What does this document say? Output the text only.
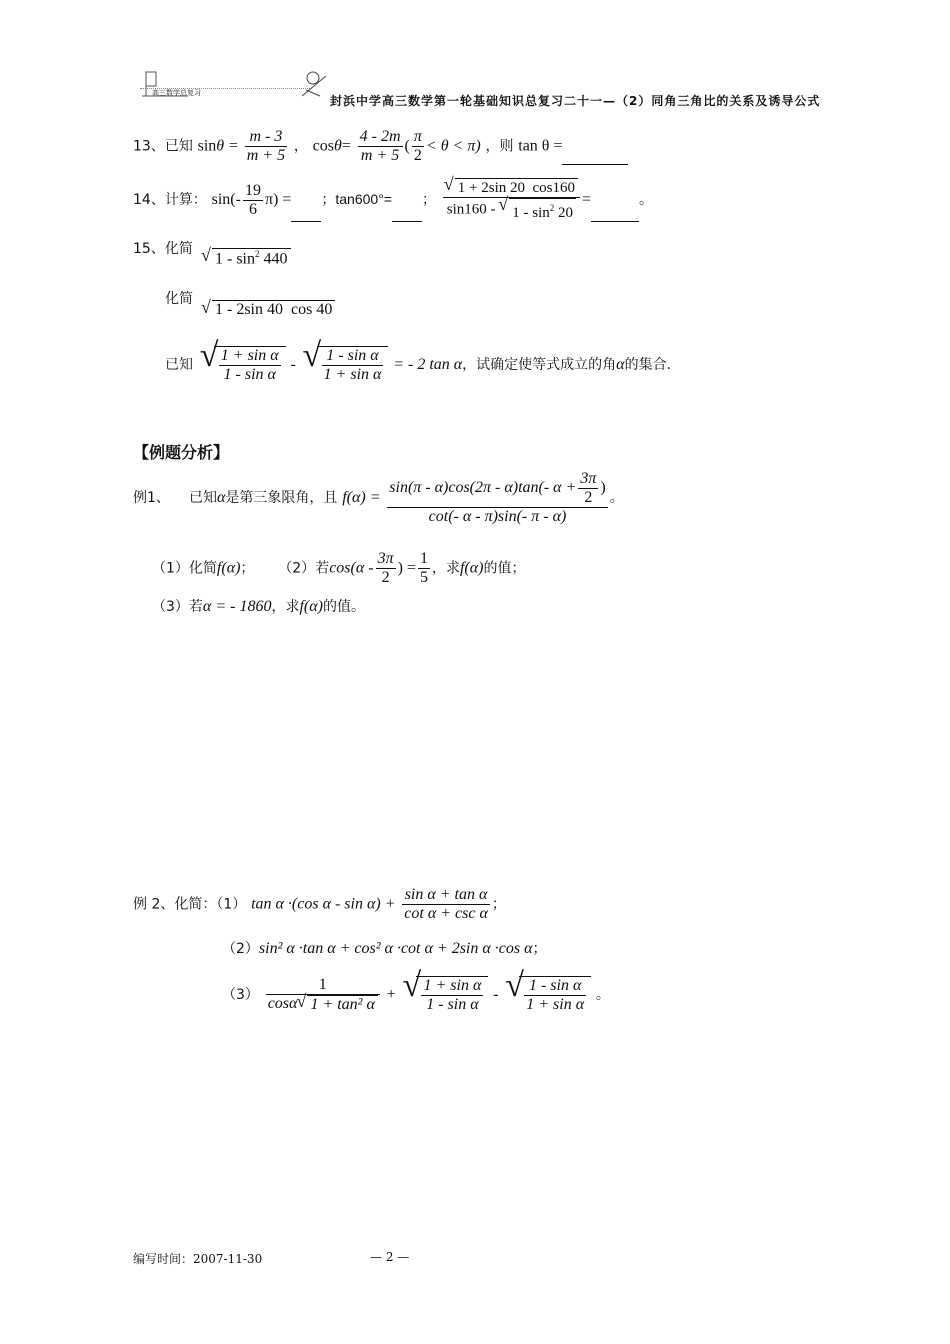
高三数学总复习
封浜中学高三数学第一轮基础知识总复习二十一—（2）同角三角比的关系及诱导公式
13、已知 $\sin\theta = \frac{m - 3}{m + 5}$ ， $\cos\theta= \frac{4 - 2m}{m + 5}$ ( $\frac{\pi}{2} < \theta < \pi$) ，则 tan θ =
14、计算： $\sin(- \frac{19}{6} \pi)$ = ；tan600°= ； √ $\frac{1 + 2\sin 20 \cos 160}{\sin 160 - √ 1 - \sin^2 20}$ =	。
15、化简
√ $1 - \sin^2 440$
化简
√ 1 - 2sin 40 cos 40
已知 √ $\frac{\text{1 + sin α}}{\text{1 - sin α}}$ - √ $\frac{\text{1 - sin α}}{\text{1 + sin α}}$ = - 2 tan α，试确定使等式成立的角α的集合.
【例题分析】
例1、 已知α是第三象限角，且 $f(\alpha) = \frac{\sin(\pi - \alpha)\cos(2\pi - \alpha)\tan(- \alpha + \frac{3\pi}{2} )}{\cot(- \alpha - \pi)\sin(- \pi - \alpha)}$ 。
（1）化简f(α)； （2）若$\cos(\alpha - \frac{3\pi}{2}$ ) = $\frac{1}{5}$ ，求f(α)的值；
（3）若α = - 1860，求f(α)的值。
例 2、化简：（1） tan α ·(cos $\alpha - \sin \alpha) + \frac{\text{sin α + tan α}}{\text{cot α + csc α}}$ ；
（2）sin² α ·tan α + cos² α ·cot α + 2sin α ·cos α；
$(3) \frac{1}{\text{cosα √ 1 + tan² α}}$ + √ $\frac{\text{1 + sin α}}{\text{1 - sin α}}$ - √ $\frac{\text{1 - sin α}}{\text{1 + sin α}}$ 。
编写时间：2007-11-30	— 2 —
